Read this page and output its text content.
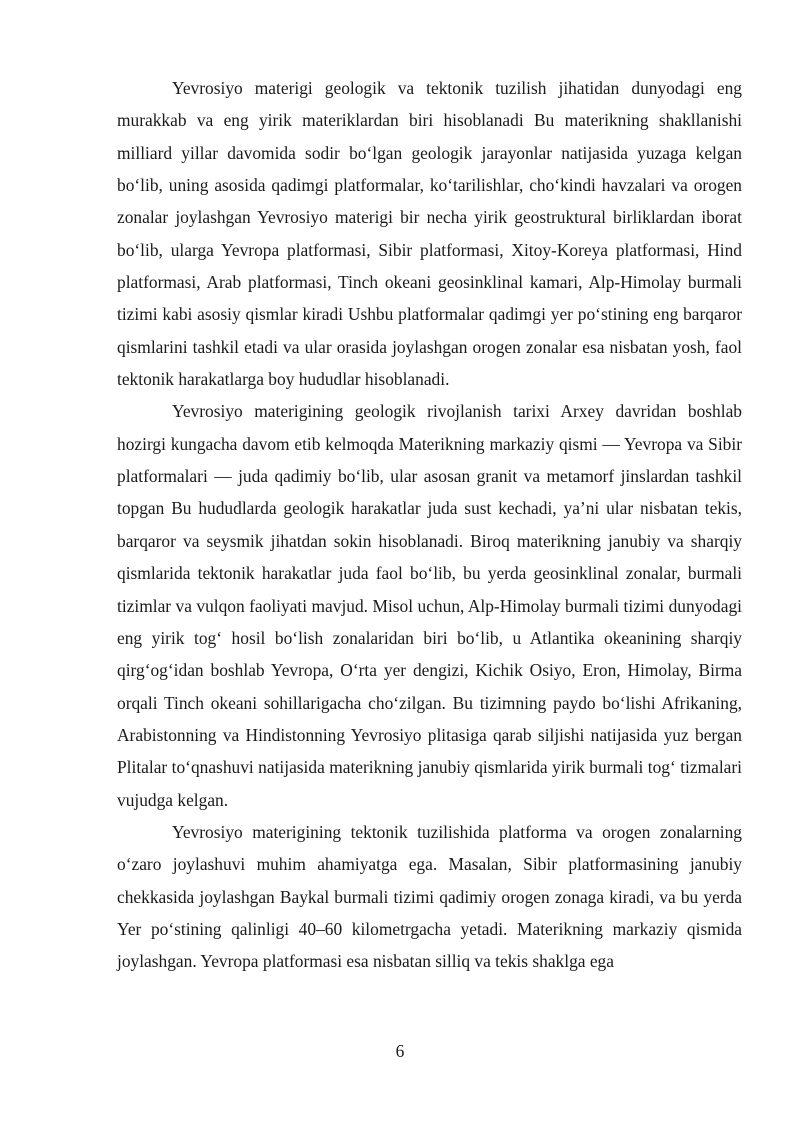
Yevrosiyo materigi geologik va tektonik tuzilish jihatidan dunyodagi eng murakkab va eng yirik materiklardan biri hisoblanadi Bu materikning shakllanishi milliard yillar davomida sodir boʻlgan geologik jarayonlar natijasida yuzaga kelgan boʻlib, uning asosida qadimgi platformalar, koʻtarilishlar, choʻkindi havzalari va orogen zonalar joylashgan Yevrosiyo materigi bir necha yirik geostruktural birliklardan iborat boʻlib, ularga Yevropa platformasi, Sibir platformasi, Xitoy-Koreya platformasi, Hind platformasi, Arab platformasi, Tinch okeani geosinklinal kamari, Alp-Himolay burmali tizimi kabi asosiy qismlar kiradi Ushbu platformalar qadimgi yer poʻstining eng barqaror qismlarini tashkil etadi va ular orasida joylashgan orogen zonalar esa nisbatan yosh, faol tektonik harakatlarga boy hududlar hisoblanadi.

Yevrosiyo materigining geologik rivojlanish tarixi Arxey davridan boshlab hozirgi kungacha davom etib kelmoqda Materikning markaziy qismi — Yevropa va Sibir platformalari — juda qadimiy boʻlib, ular asosan granit va metamorf jinslardan tashkil topgan Bu hududlarda geologik harakatlar juda sust kechadi, ya’ni ular nisbatan tekis, barqaror va seysmik jihatdan sokin hisoblanadi. Biroq materikning janubiy va sharqiy qismlarida tektonik harakatlar juda faol boʻlib, bu yerda geosinklinal zonalar, burmali tizimlar va vulqon faoliyati mavjud. Misol uchun, Alp-Himolay burmali tizimi dunyodagi eng yirik togʻ hosil boʻlish zonalaridan biri boʻlib, u Atlantika okeanining sharqiy qirgʻogʻidan boshlab Yevropa, Oʻrta yer dengizi, Kichik Osiyo, Eron, Himolay, Birma orqali Tinch okeani sohillarigacha choʻzilgan. Bu tizimning paydo boʻlishi Afrikaning, Arabistonning va Hindistonning Yevrosiyo plitasiga qarab siljishi natijasida yuz bergan Plitalar toʻqnashuvi natijasida materikning janubiy qismlarida yirik burmali togʻ tizmalari vujudga kelgan.

Yevrosiyo materigining tektonik tuzilishida platforma va orogen zonalarning oʻzaro joylashuvi muhim ahamiyatga ega. Masalan, Sibir platformasining janubiy chekkasida joylashgan Baykal burmali tizimi qadimiy orogen zonaga kiradi, va bu yerda Yer poʻstining qalinligi 40–60 kilometrgacha yetadi. Materikning markaziy qismida joylashgan. Yevropa platformasi esa nisbatan silliq va tekis shaklga ega

6
